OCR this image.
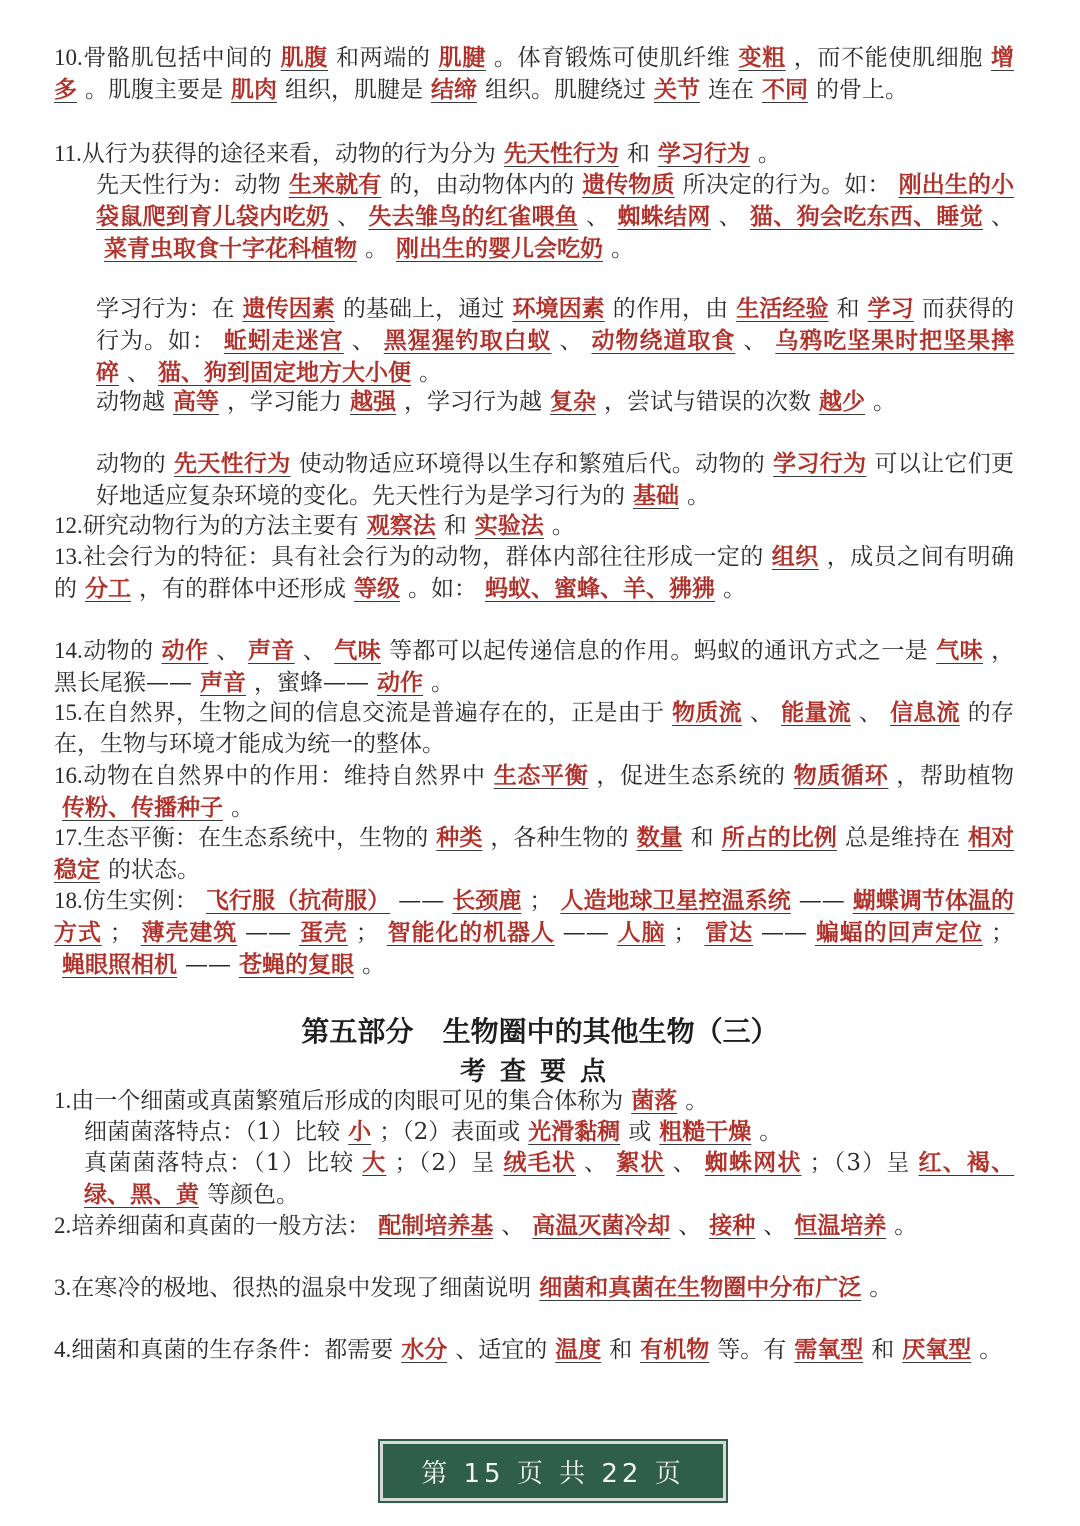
10.骨骼肌包括中间的 肌腹 和两端的 肌腱 。体育锻炼可使肌纤维 变粗 ，而不能使肌细胞 增多 。肌腹主要是 肌肉 组织，肌腱是 结缔 组织。肌腱绕过 关节 连在 不同 的骨上。
11.从行为获得的途径来看，动物的行为分为 先天性行为 和 学习行为 。
先天性行为：动物 生来就有 的，由动物体内的 遗传物质 所决定的行为。如： 刚出生的小袋鼠爬到育儿袋内吃奶 、 失去雏鸟的红雀喂鱼 、 蜘蛛结网 、 猫、狗会吃东西、睡觉 、菜青虫取食十字花科植物 。 刚出生的婴儿会吃奶 。
学习行为：在 遗传因素 的基础上，通过 环境因素 的作用，由 生活经验 和 学习 而获得的行为。如： 蚯蚓走迷宫 、 黑猩猩钓取白蚁 、 动物绕道取食 、 乌鸦吃坚果时把坚果摔碎 、 猫、狗到固定地方大小便 。
动物越 高等 ，学习能力 越强 ，学习行为越 复杂 ，尝试与错误的次数 越少 。
动物的 先天性行为 使动物适应环境得以生存和繁殖后代。动物的 学习行为 可以让它们更好地适应复杂环境的变化。先天性行为是学习行为的 基础 。
12.研究动物行为的方法主要有 观察法 和 实验法 。
13.社会行为的特征：具有社会行为的动物，群体内部往往形成一定的 组织 ，成员之间有明确的 分工 ，有的群体中还形成 等级 。如： 蚂蚁、蜜蜂、羊、狒狒 。
14.动物的 动作 、 声音 、 气味 等都可以起传递信息的作用。蚂蚁的通讯方式之一是 气味 ，黑长尾猴—— 声音 ，蜜蜂—— 动作 。
15.在自然界，生物之间的信息交流是普遍存在的，正是由于 物质流 、 能量流 、 信息流 的存在，生物与环境才能成为统一的整体。
16.动物在自然界中的作用：维持自然界中 生态平衡 ，促进生态系统的 物质循环 ，帮助植物传粉、传播种子 。
17.生态平衡：在生态系统中，生物的 种类 ，各种生物的 数量 和 所占的比例 总是维持在 相对稳定 的状态。
18.仿生实例： 飞行服（抗荷服） —— 长颈鹿 ； 人造地球卫星控温系统 —— 蝴蝶调节体温的方式 ； 薄壳建筑 —— 蛋壳 ； 智能化的机器人 —— 人脑 ； 雷达 —— 蝙蝠的回声定位 ；蝇眼照相机 —— 苍蝇的复眼 。
1.由一个细菌或真菌繁殖后形成的肉眼可见的集合体称为 菌落 。
细菌菌落特点：（1）比较 小 ；（2）表面或 光滑黏稠 或 粗糙干燥 。
真菌菌落特点：（1）比较 大 ；（2）呈 绒毛状 、 絮状 、 蜘蛛网状 ；（3）呈 红、褐、绿、黑、黄 等颜色。
2.培养细菌和真菌的一般方法： 配制培养基 、 高温灭菌冷却 、 接种 、 恒温培养 。
3.在寒冷的极地、很热的温泉中发现了细菌说明 细菌和真菌在生物圈中分布广泛 。
4.细菌和真菌的生存条件：都需要 水分 、适宜的 温度 和 有机物 等。有 需氧型 和 厌氧型 。
第五部分   生物圈中的其他生物（三）
考查要点
第 15 页 共 22 页
